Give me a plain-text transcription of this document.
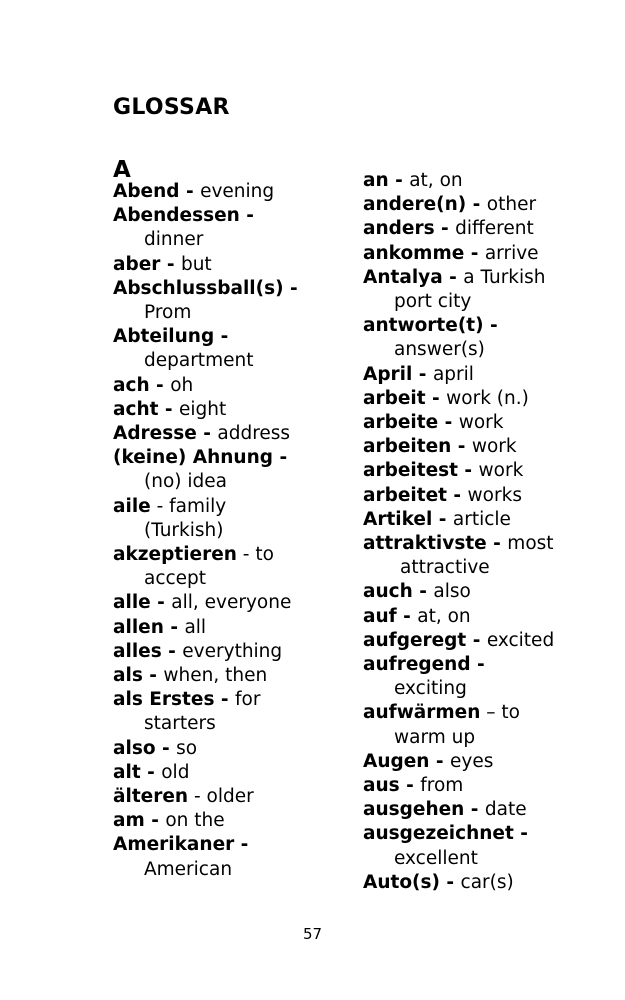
GLOSSAR
A
Abend - evening
Abendessen -
dinner
aber - but
Abschlussball(s) -
Prom
Abteilung -
department
ach - oh
acht - eight
Adresse - address
(keine) Ahnung -
(no) idea
aile - family
(Turkish)
akzeptieren - to
accept
alle - all, everyone
allen - all
alles - everything
als - when, then
als Erstes - for
starters
also - so
alt - old
älteren - older
am - on the
Amerikaner -
American
an - at, on
andere(n) - other
anders - different
ankomme - arrive
Antalya - a Turkish
port city
antworte(t) -
answer(s)
April - april
arbeit - work (n.)
arbeite - work
arbeiten - work
arbeitest - work
arbeitet - works
Artikel - article
attraktivste - most
attractive
auch - also
auf - at, on
aufgeregt - excited
aufregend -
exciting
aufwärmen – to
warm up
Augen - eyes
aus - from
ausgehen - date
ausgezeichnet -
excellent
Auto(s) - car(s)
57
